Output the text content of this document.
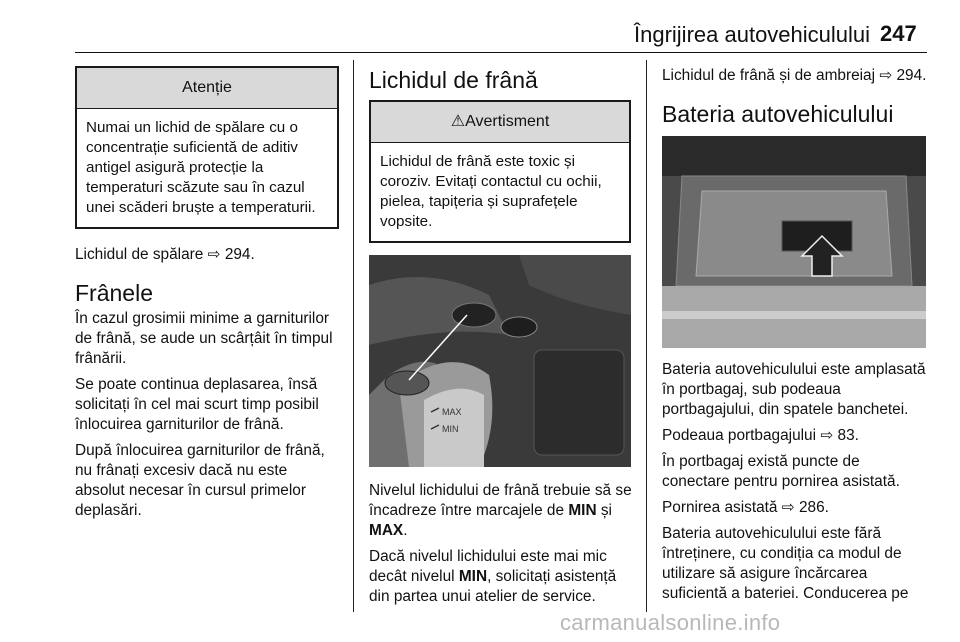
Îngrijirea autovehiculului 247
Atenție
Numai un lichid de spălare cu o concentrație suficientă de aditiv antigel asigură protecție la temperaturi scăzute sau în cazul unei scăderi bruște a temperaturii.

Lichidul de spălare ⇨ 294.

Frânele

În cazul grosimii minime a garniturilor de frână, se aude un scârțâit în timpul frânării.

Se poate continua deplasarea, însă solicitați în cel mai scurt timp posibil înlocuirea garniturilor de frână.

După înlocuirea garniturilor de frână, nu frânați excesiv dacă nu este absolut necesar în cursul primelor deplasări.

Lichidul de frână
⚠Avertisment
Lichidul de frână este toxic și coroziv. Evitați contactul cu ochii, pielea, tapițeria și suprafețele vopsite.
MAX
MIN

Nivelul lichidului de frână trebuie să se încadreze între marcajele de MIN și MAX.

Dacă nivelul lichidului este mai mic decât nivelul MIN, solicitați asistență din partea unui atelier de service.

Lichidul de frână și de ambreiaj ⇨ 294.

Bateria autovehiculului

Bateria autovehiculului este amplasată în portbagaj, sub podeaua portbagajului, din spatele banchetei.

Podeaua portbagajului ⇨ 83.

În portbagaj există puncte de conectare pentru pornirea asistată.

Pornirea asistată ⇨ 286.

Bateria autovehiculului este fără întreținere, cu condiția ca modul de utilizare să asigure încărcarea suficientă a bateriei. Conducerea pe

carmanualsonline.info
